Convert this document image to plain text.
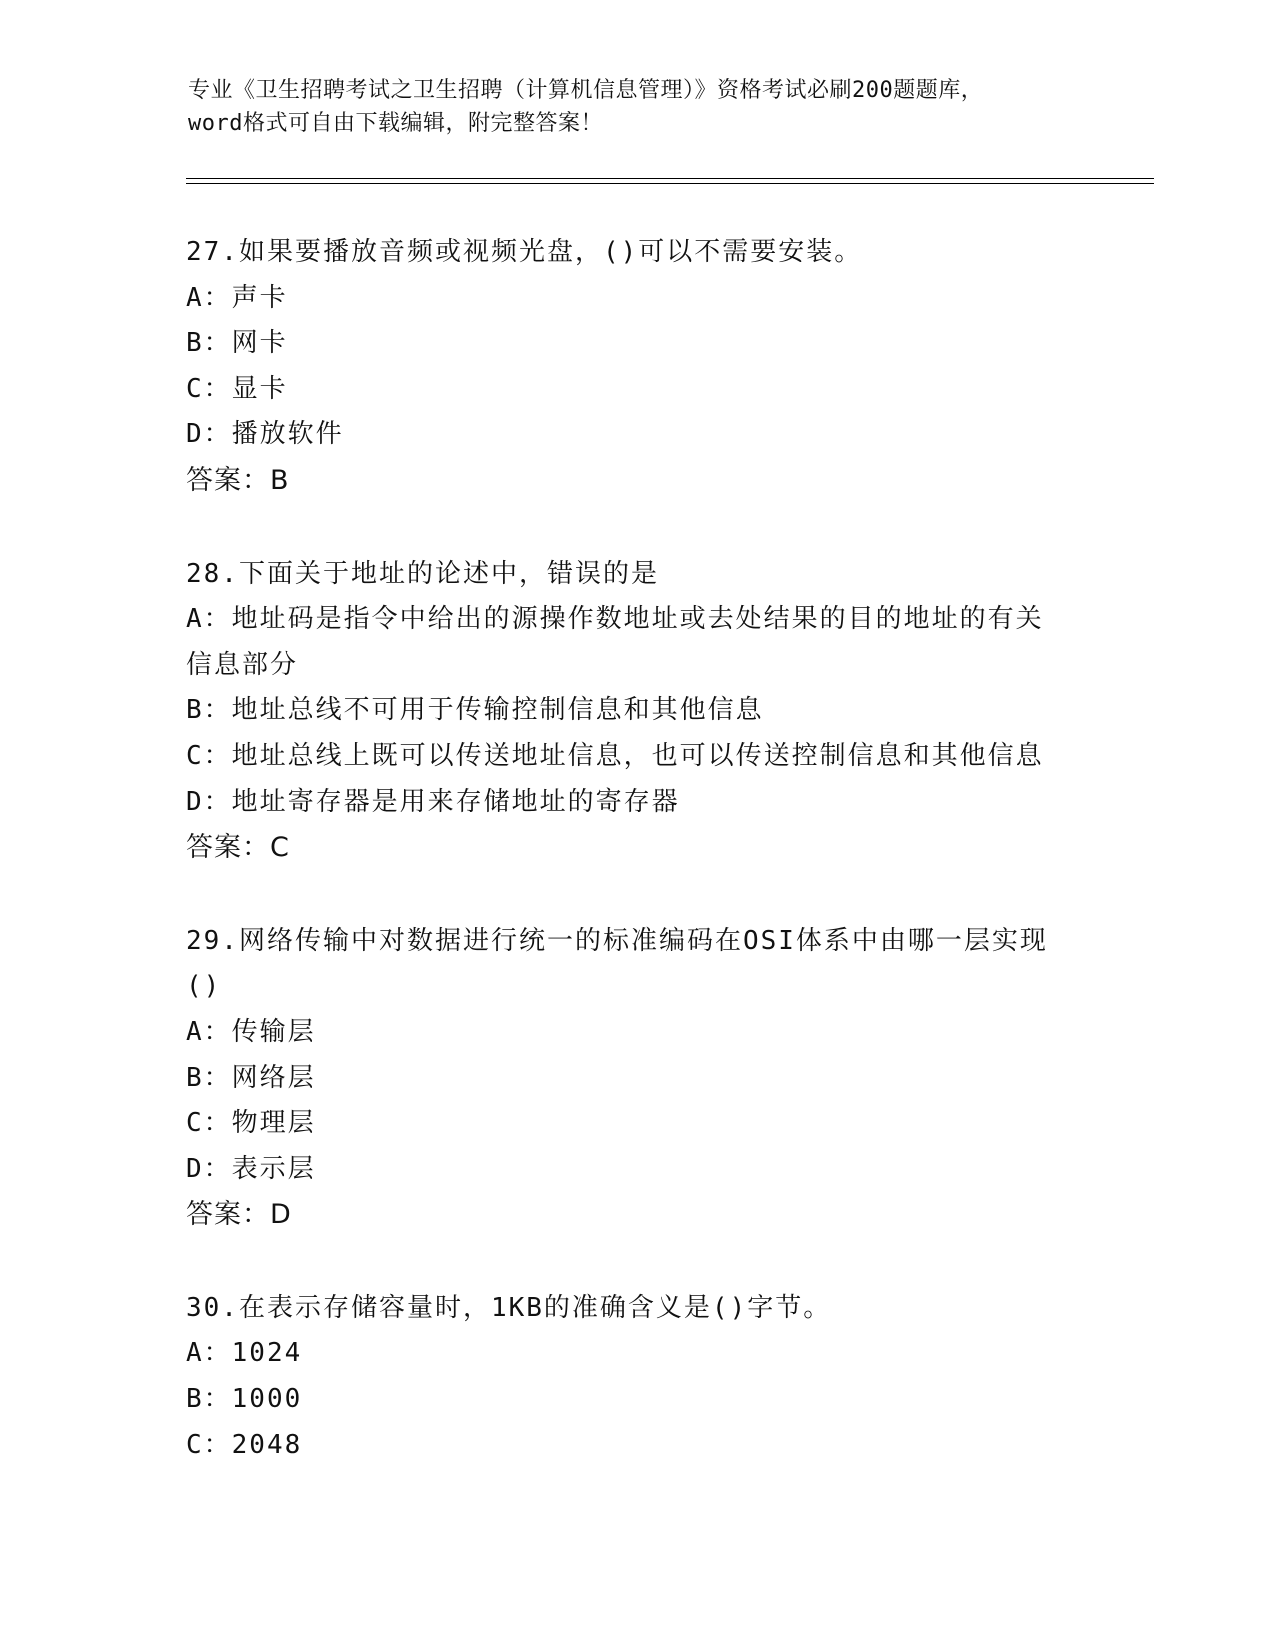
专业《卫生招聘考试之卫生招聘（计算机信息管理）》资格考试必刷200题题库，
word格式可自由下载编辑，附完整答案！
27.如果要播放音频或视频光盘，()可以不需要安装。
A：声卡
B：网卡
C：显卡
D：播放软件
答案：B
28.下面关于地址的论述中，错误的是
A：地址码是指令中给出的源操作数地址或去处结果的目的地址的有关
信息部分
B：地址总线不可用于传输控制信息和其他信息
C：地址总线上既可以传送地址信息，也可以传送控制信息和其他信息
D：地址寄存器是用来存储地址的寄存器
答案：C
29.网络传输中对数据进行统一的标准编码在OSI体系中由哪一层实现
()
A：传输层
B：网络层
C：物理层
D：表示层
答案：D
30.在表示存储容量时，1KB的准确含义是()字节。
A：1024
B：1000
C：2048
